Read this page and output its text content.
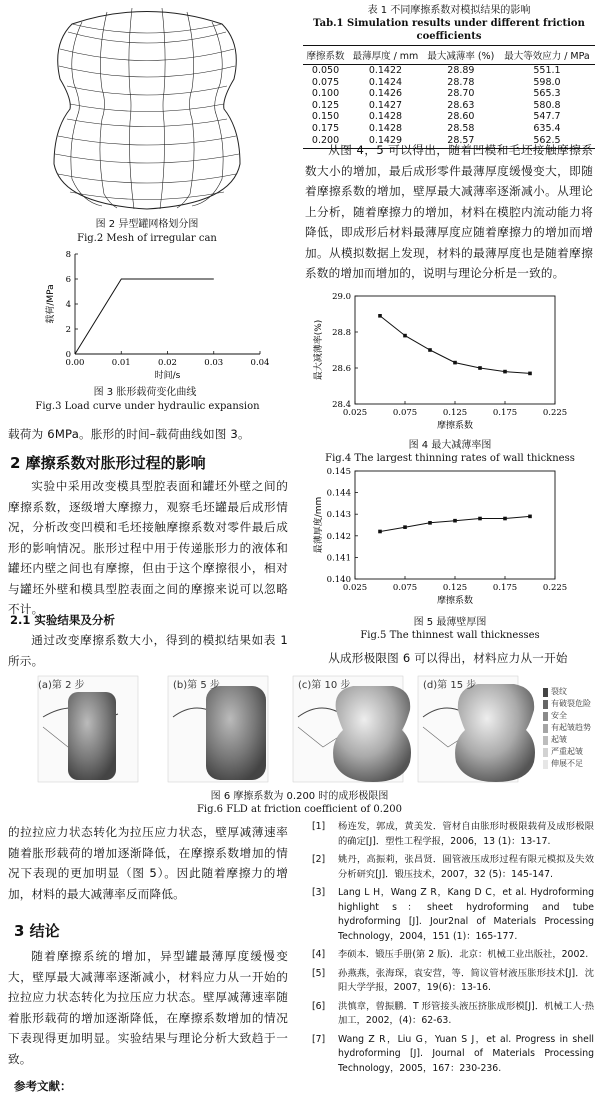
图 2 异型罐网格划分图
Fig.2 Mesh of irregular can
0.00	0.01	0.02	0.03	0.04
0
2
4
6
8
时间/s
载荷/MPa
图 3 胀形载荷变化曲线
Fig.3 Load curve under hydraulic expansion
载荷为 6MPa。胀形的时间–载荷曲线如图 3。
2 摩擦系数对胀形过程的影响
实验中采用改变模具型腔表面和罐坯外壁之间的摩擦系数，逐级增大摩擦力，观察毛坯罐最后成形情况，分析改变凹模和毛坯接触摩擦系数对零件最后成形的影响情况。胀形过程中用于传递胀形力的液体和罐坯内壁之间也有摩擦，但由于这个摩擦很小，相对与罐坯外壁和模具型腔表面之间的摩擦来说可以忽略不计。
2.1 实验结果及分析
通过改变摩擦系数大小，得到的模拟结果如表 1 所示。
表 1 不同摩擦系数对模拟结果的影响
Tab.1 Simulation results under different friction coefficients
摩擦系数	最薄厚度 / mm	最大减薄率 (%)	最大等效应力 / MPa
0.050	0.1422	28.89	551.1
0.075	0.1424	28.78	598.0
0.100	0.1426	28.70	565.3
0.125	0.1427	28.63	580.8
0.150	0.1428	28.60	547.7
0.175	0.1428	28.58	635.4
0.200	0.1429	28.57	562.5
从图 4，5 可以得出，随着凹模和毛坯接触摩擦系数大小的增加，最后成形零件最薄厚度缓慢变大，即随着摩擦系数的增加，壁厚最大减薄率逐渐减小。从理论上分析，随着摩擦力的增加，材料在模腔内流动能力将降低，即成形后材料最薄厚度应随着摩擦力的增加而增加。从模拟数据上发现，材料的最薄厚度也是随着摩擦系数的增加而增加的，说明与理论分析是一致的。
0.025	0.075	0.125	0.175	0.225
28.4
28.6
28.8
29.0
摩擦系数
最大减薄率(%)
图 4 最大减薄率图
Fig.4 The largest thinning rates of wall thickness
0.025	0.075	0.125	0.175	0.225
0.140
0.141
0.142
0.143
0.144
0.145
摩擦系数
最薄厚度/mm
图 5 最薄壁厚图
Fig.5 The thinnest wall thicknesses
从成形极限图 6 可以得出，材料应力从一开始
(a)第 2 步	(b)第 5 步	(c)第 10 步	(d)第 15 步
裂纹
有破裂危险
安全
有起皱趋势
起皱
严重起皱
伸展不足
图 6 摩擦系数为 0.200 时的成形极限图
Fig.6 FLD at friction coefficient of 0.200
的拉拉应力状态转化为拉压应力状态，壁厚减薄速率随着胀形载荷的增加逐渐降低，在摩擦系数增加的情况下表现的更加明显（图 5）。因此随着摩擦力的增加，材料的最大减薄率反而降低。
3 结论
随着摩擦系统的增加，异型罐最薄厚度缓慢变大，壁厚最大减薄率逐渐减小，材料应力从一开始的拉拉应力状态转化为拉压应力状态。壁厚减薄速率随着胀形载荷的增加逐渐降低，在摩擦系数增加的情况下表现得更加明显。实验结果与理论分析大致趋于一致。
参考文献：
[1]	杨连发，郭成，黄美发．管材自由胀形时极限载荷及成形极限的确定[J]．塑性工程学报，2006，13 (1)：13-17.
[2]	姚丹，高振莉，张昌贤．圆管液压成形过程有限元模拟及失效分析研究[J]．锻压技术，2007，32 (5)：145-147.
[3]	Lang L H，Wang Z R，Kang D C，et al. Hydroforming highlight s：sheet hydroforming and tube hydroforming [J]. Jour2nal of Materials Processing Technology，2004，151 (1)：165-177.
[4]	李硕本．锻压手册(第 2 版)．北京：机械工业出版社，2002.
[5]	孙燕燕，张海琛，袁安营，等．简议管材液压胀形技术[J]．沈阳大学学报，2007，19(6)：13-16.
[6]	洪慎章，曾振鹏．T 形管接头液压挤胀成形模[J]．机械工人·热加工，2002，(4)：62-63.
[7]	Wang Z R，Liu G，Yuan S J，et al. Progress in shell hydroforming [J]. Journal of Materials Processing Technology，2005，167：230-236.
